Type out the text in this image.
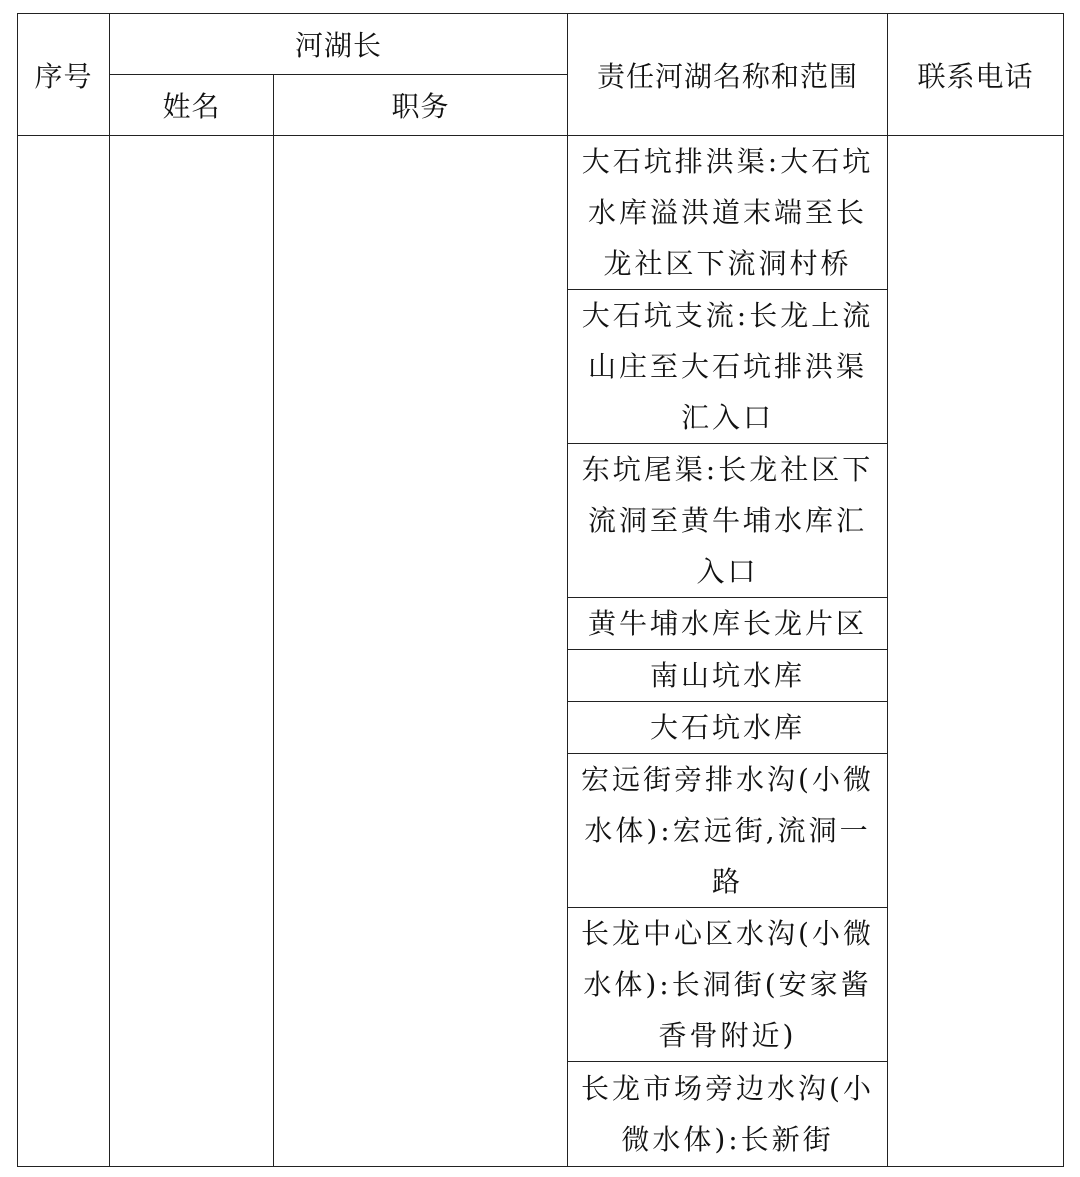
序号	河湖长		责任河湖名称和范围	联系电话
	姓名	职务		
			大石坑排洪渠:大石坑水库溢洪道末端至长龙社区下流洞村桥	
			大石坑支流:长龙上流山庄至大石坑排洪渠汇入口	
			东坑尾渠:长龙社区下流洞至黄牛埔水库汇入口	
			黄牛埔水库长龙片区	
			南山坑水库	
			大石坑水库	
			宏远街旁排水沟(小微水体):宏远街,流洞一路	
			长龙中心区水沟(小微水体):长洞街(安家酱香骨附近)	
			长龙市场旁边水沟(小微水体):长新街	
